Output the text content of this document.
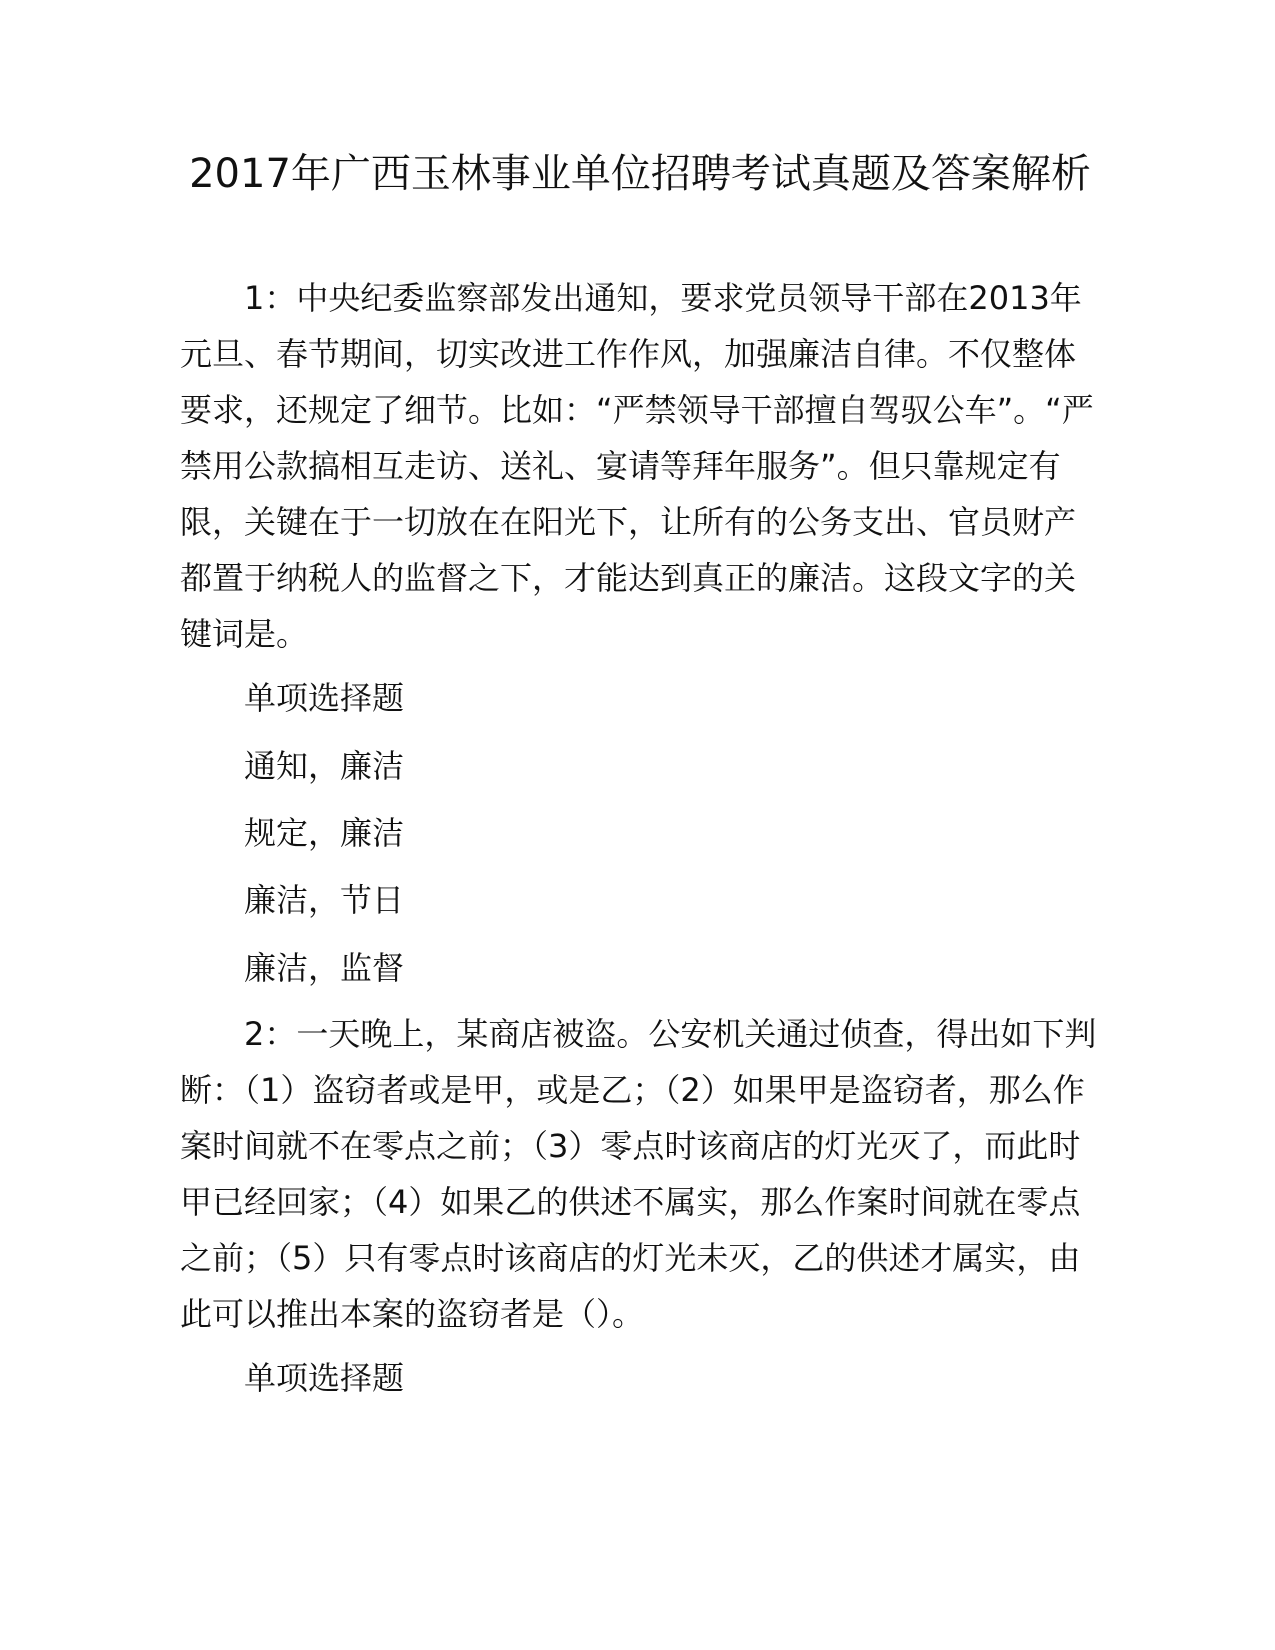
2017年广西玉林事业单位招聘考试真题及答案解析

1：中央纪委监察部发出通知，要求党员领导干部在2013年元旦、春节期间，切实改进工作作风，加强廉洁自律。不仅整体要求，还规定了细节。比如：“严禁领导干部擅自驾驭公车”。“严禁用公款搞相互走访、送礼、宴请等拜年服务”。但只靠规定有限，关键在于一切放在在阳光下，让所有的公务支出、官员财产都置于纳税人的监督之下，才能达到真正的廉洁。这段文字的关键词是。

单项选择题

通知，廉洁

规定，廉洁

廉洁，节日

廉洁，监督

2：一天晚上，某商店被盗。公安机关通过侦查，得出如下判断：（1）盗窃者或是甲，或是乙；（2）如果甲是盗窃者，那么作案时间就不在零点之前；（3）零点时该商店的灯光灭了，而此时甲已经回家；（4）如果乙的供述不属实，那么作案时间就在零点之前；（5）只有零点时该商店的灯光未灭，乙的供述才属实，由此可以推出本案的盗窃者是（）。

单项选择题
